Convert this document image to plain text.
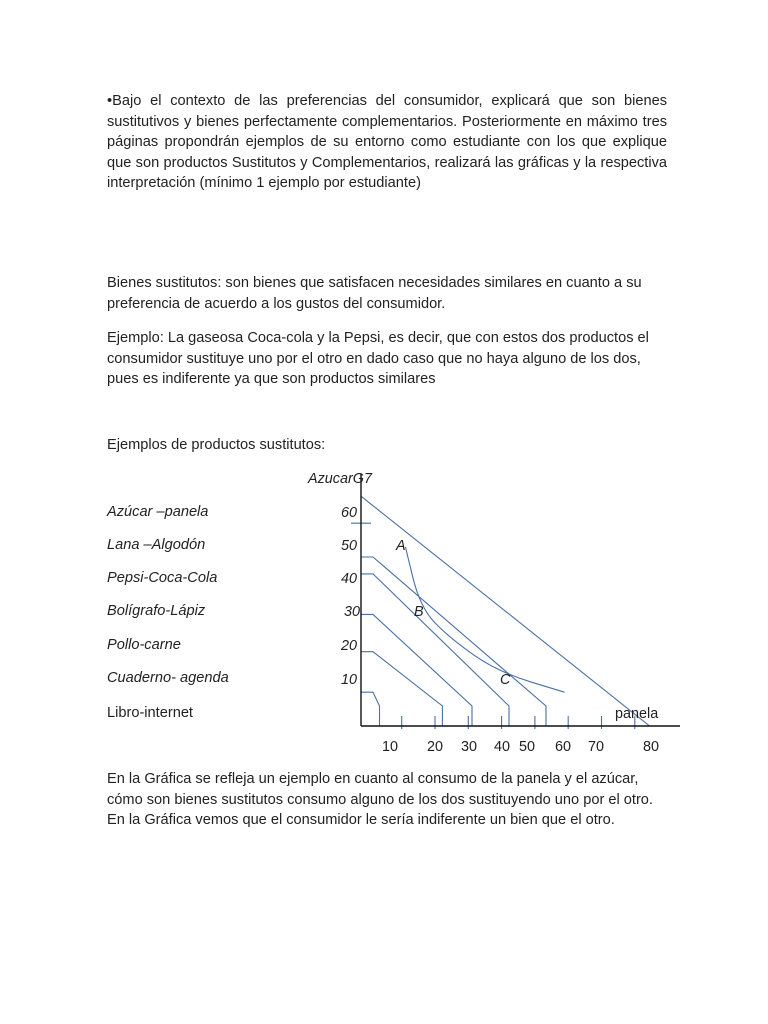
•Bajo el contexto de las preferencias del consumidor, explicará que son bienes sustitutivos y bienes perfectamente complementarios. Posteriormente en máximo tres páginas propondrán ejemplos de su entorno como estudiante con los que explique que son productos Sustitutos y Complementarios, realizará las gráficas y la respectiva interpretación (mínimo 1 ejemplo por estudiante)

Bienes sustitutos: son bienes que satisfacen necesidades similares en cuanto a su preferencia de acuerdo a los gustos del consumidor.

Ejemplo: La gaseosa Coca-cola y la Pepsi, es decir, que con estos dos productos el consumidor sustituye uno por el otro en dado caso que no haya alguno de los dos, pues es indiferente ya que son productos similares

Ejemplos de productos sustitutos:

Azúcar –panela

Lana –Algodón

Pepsi-Coca-Cola

Bolígrafo-Lápiz

Pollo-carne

Cuaderno- agenda

Libro-internet

AzucarG7
panela
60
50
40
30
20
10
10 20 30 40 50 60 70	80
A
B
C

En la Gráfica se refleja un ejemplo en cuanto al consumo de la panela y el azúcar, cómo son bienes sustitutos consumo alguno de los dos sustituyendo uno por el otro. En la Gráfica vemos que el consumidor le sería indiferente un bien que el otro.
